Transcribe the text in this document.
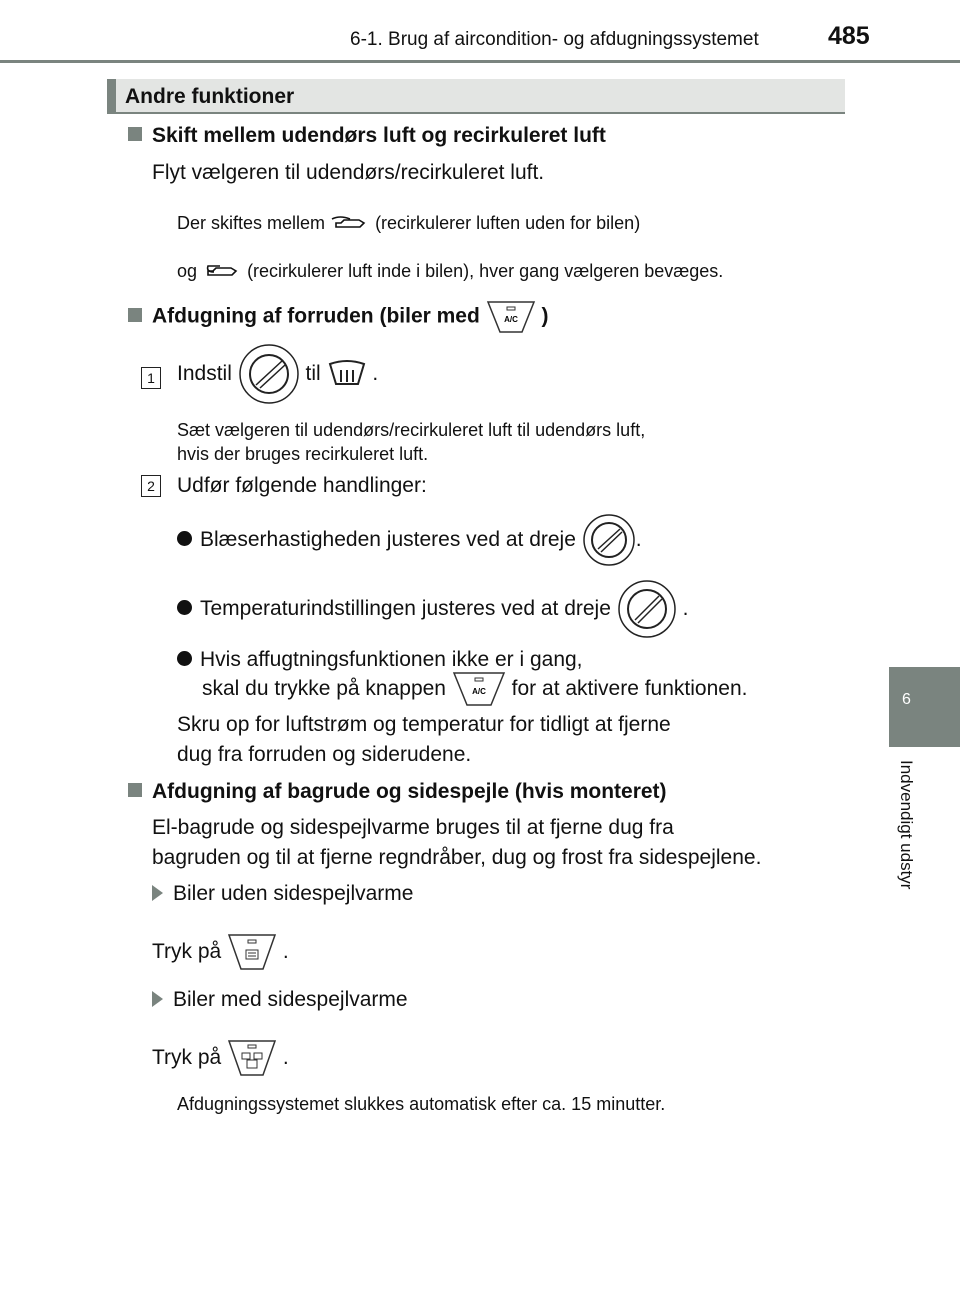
6-1. Brug af aircondition- og afdugningssystemet	485
6
Indvendigt udstyr
Andre funktioner
Skift mellem udendørs luft og recirkuleret luft
Flyt vælgeren til udendørs/recirkuleret luft.
Der skiftes mellem	(recirkulerer luften uden for bilen)
og	(recirkulerer luft inde i bilen), hver gang vælgeren bevæges.
Afdugning af forruden (biler med	A/C )
1 Indstil	til .
Sæt vælgeren til udendørs/recirkuleret luft til udendørs luft,
hvis der bruges recirkuleret luft.
2 Udfør følgende handlinger:
Blæserhastigheden justeres ved at dreje	.
Temperaturindstillingen justeres ved at dreje	.
Hvis affugtningsfunktionen ikke er i gang,
skal du trykke på knappen	A/C for at aktivere funktionen.
Skru op for luftstrøm og temperatur for tidligt at fjerne
dug fra forruden og siderudene.
Afdugning af bagrude og sidespejle (hvis monteret)
El-bagrude og sidespejlvarme bruges til at fjerne dug fra
bagruden og til at fjerne regndråber, dug og frost fra sidespejlene.
Biler uden sidespejlvarme
Tryk på	.
Biler med sidespejlvarme
Tryk på	.
Afdugningssystemet slukkes automatisk efter ca. 15 minutter.
